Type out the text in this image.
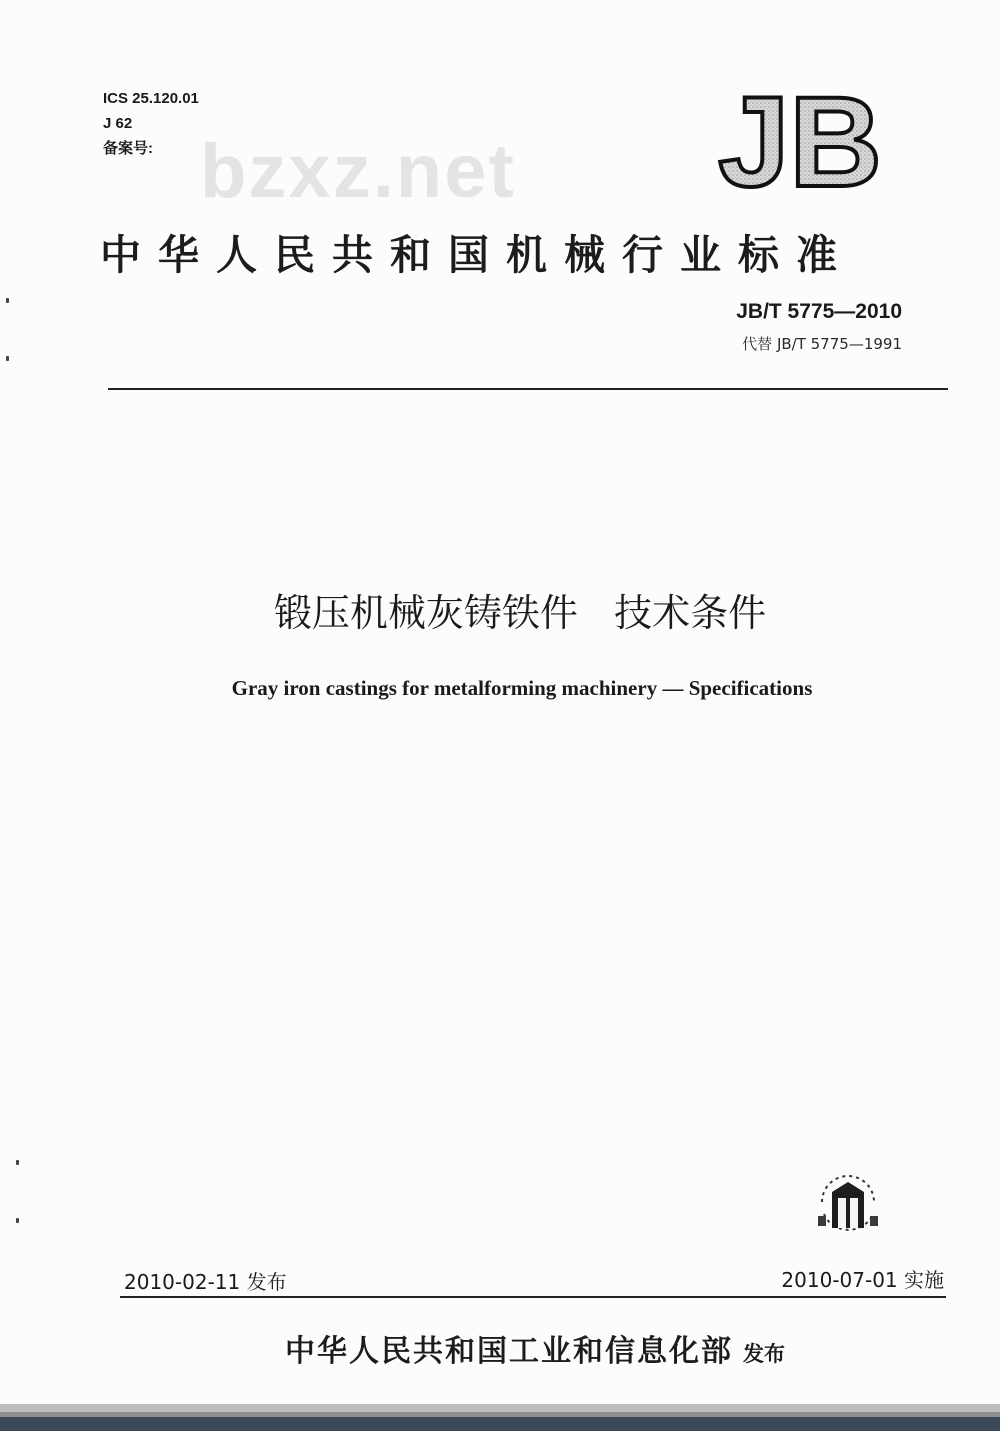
ICS 25.120.01
J 62
备案号: bzxz.net JB
中华人民共和国机械行业标准
JB/T 5775—2010
代替 JB/T 5775—1991
锻压机械灰铸铁件   技术条件
Gray iron castings for metalforming machinery — Specifications
2010-02-11 发布	2010-07-01 实施
中华人民共和国工业和信息化部 发布
